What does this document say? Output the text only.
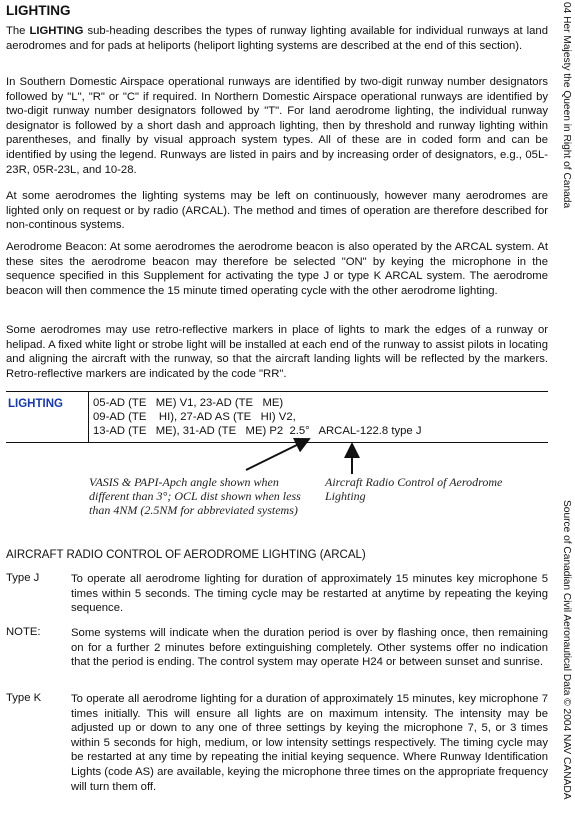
LIGHTING

The LIGHTING sub-heading describes the types of runway lighting available for individual runways at land aerodromes and for pads at heliports (heliport lighting systems are described at the end of this section).

In Southern Domestic Airspace operational runways are identified by two-digit runway number designators followed by "L", "R" or "C" if required. In Northern Domestic Airspace operational runways are identified by two-digit runway number designators followed by "T". For land aerodrome lighting, the individual runway designator is followed by a short dash and approach lighting, then by threshold and runway lighting within parentheses, and finally by visual approach system types. All of these are in coded form and can be identified by using the legend. Runways are listed in pairs and by increasing order of designators, e.g., 05L-23R, 05R-23L, and 10-28.

At some aerodromes the lighting systems may be left on continuously, however many aerodromes are lighted only on request or by radio (ARCAL). The method and times of operation are therefore described for non-continous systems.

Aerodrome Beacon: At some aerodromes the aerodrome beacon is also operated by the ARCAL system. At these sites the aerodrome beacon may therefore be selected "ON" by keying the microphone in the sequence specified in this Supplement for activating the type J or type K ARCAL system. The aerodrome beacon will then commence the 15 minute timed operating cycle with the other aerodrome lighting.

Some aerodromes may use retro-reflective markers in place of lights to mark the edges of a runway or helipad. A fixed white light or strobe light will be installed at each end of the runway to assist pilots in locating and aligning the aircraft with the runway, so that the aircraft landing lights will be reflected by the markers. Retro-reflective markers are indicated by the code "RR".

LIGHTING	05-AD (TE   ME) V1, 23-AD (TE   ME)
09-AD (TE    HI), 27-AD AS (TE   HI) V2,
13-AD (TE   ME), 31-AD (TE   ME) P2  2.5°   ARCAL-122.8 type J

VASIS & PAPI-Apch angle shown when different than 3°; OCL dist shown when less than 4NM (2.5NM for abbreviated systems)

Aircraft Radio Control of Aerodrome Lighting

AIRCRAFT RADIO CONTROL OF AERODROME LIGHTING (ARCAL)
Type J	To operate all aerodrome lighting for duration of approximately 15 minutes key microphone 5 times within 5 seconds. The timing cycle may be restarted at anytime by repeating the keying sequence.

NOTE:	Some systems will indicate when the duration period is over by flashing once, then remaining on for a further 2 minutes before extinguishing completely. Other systems offer no indication that the period is ending. The control system may operate H24 or between sunset and sunrise.

Type K	To operate all aerodrome lighting for a duration of approximately 15 minutes, key microphone 7 times initially. This will ensure all lights are on maximum intensity. The intensity may be adjusted up or down to any one of three settings by keying the microphone 7, 5, or 3 times within 5 seconds for high, medium, or low intensity settings respectively. The timing cycle may be restarted at any time by repeating the initial keying sequence. Where Runway Identification Lights (code AS) are available, keying the microphone three times on the appropriate frequency will turn them off.

04 Her Majesty the Queen in Right of Canada
Source of Canadian Civil Aeronautical Data © 2004 NAV CANADA
